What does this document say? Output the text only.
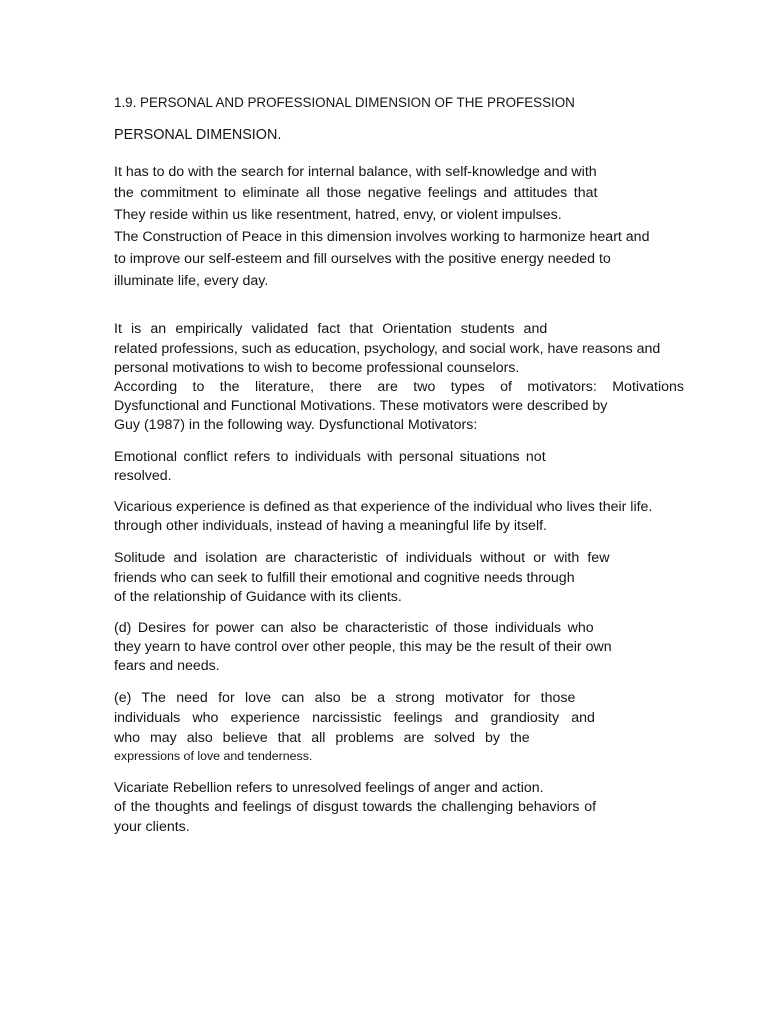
1.9. PERSONAL AND PROFESSIONAL DIMENSION OF THE PROFESSION

PERSONAL DIMENSION.

It has to do with the search for internal balance, with self-knowledge and with

the commitment to eliminate all those negative feelings and attitudes that

They reside within us like resentment, hatred, envy, or violent impulses.

The Construction of Peace in this dimension involves working to harmonize heart and

to improve our self-esteem and fill ourselves with the positive energy needed to

illuminate life, every day.

It is an empirically validated fact that Orientation students and

related professions, such as education, psychology, and social work, have reasons and

personal motivations to wish to become professional counselors.

According to the literature, there are two types of motivators: Motivations

Dysfunctional and Functional Motivations. These motivators were described by

Guy (1987) in the following way. Dysfunctional Motivators:

Emotional conflict refers to individuals with personal situations not

resolved.

Vicarious experience is defined as that experience of the individual who lives their life.

through other individuals, instead of having a meaningful life by itself.

Solitude and isolation are characteristic of individuals without or with few

friends who can seek to fulfill their emotional and cognitive needs through

of the relationship of Guidance with its clients.

(d) Desires for power can also be characteristic of those individuals who

they yearn to have control over other people, this may be the result of their own

fears and needs.

(e) The need for love can also be a strong motivator for those

individuals who experience narcissistic feelings and grandiosity and

who may also believe that all problems are solved by the

expressions of love and tenderness.

Vicariate Rebellion refers to unresolved feelings of anger and action.

of the thoughts and feelings of disgust towards the challenging behaviors of

your clients.
